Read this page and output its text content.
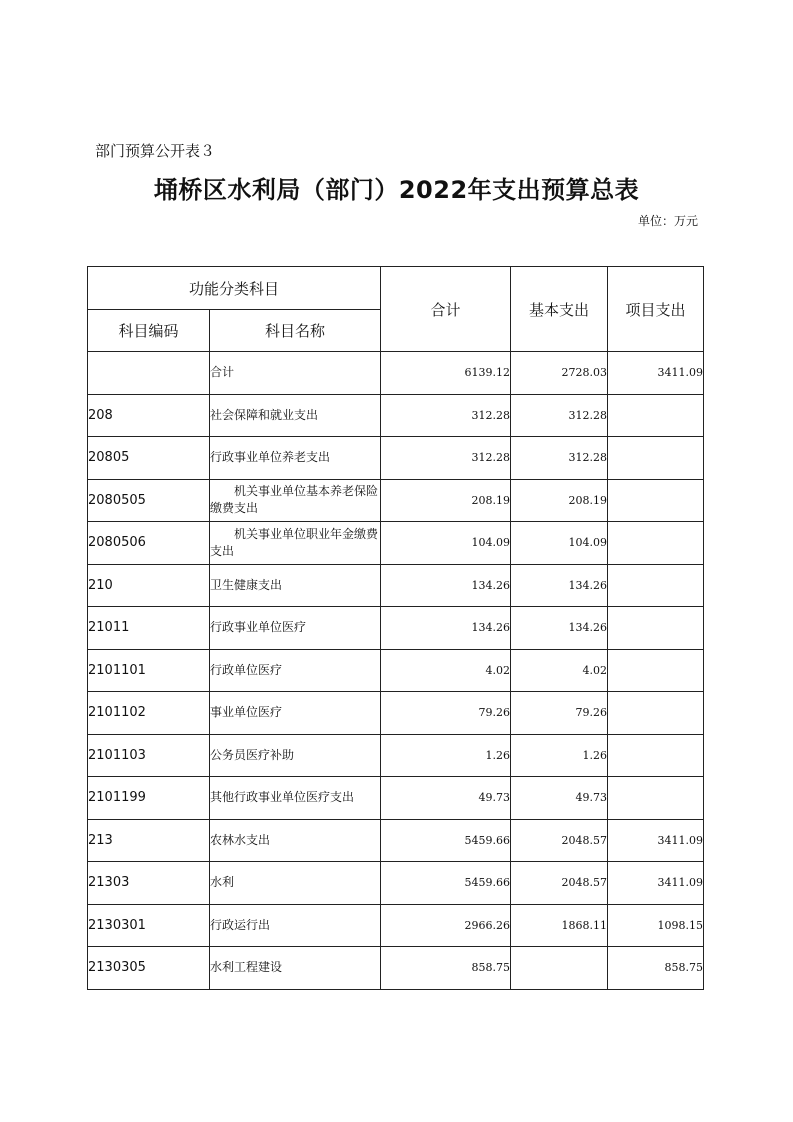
部门预算公开表３
埇桥区水利局（部门）2022年支出预算总表
单位：万元
功能分类科目		合计	基本支出	项目支出
科目编码	科目名称			
	合计	6139.12	2728.03	3411.09
208	社会保障和就业支出	312.28	312.28	
20805	行政事业单位养老支出	312.28	312.28	
2080505	机关事业单位基本养老保险缴费支出	208.19	208.19	
2080506	机关事业单位职业年金缴费支出	104.09	104.09	
210	卫生健康支出	134.26	134.26	
21011	行政事业单位医疗	134.26	134.26	
2101101	行政单位医疗	4.02	4.02	
2101102	事业单位医疗	79.26	79.26	
2101103	公务员医疗补助	1.26	1.26	
2101199	其他行政事业单位医疗支出	49.73	49.73	
213	农林水支出	5459.66	2048.57	3411.09
21303	水利	5459.66	2048.57	3411.09
2130301	行政运行出	2966.26	1868.11	1098.15
2130305	水利工程建设	858.75		858.75
